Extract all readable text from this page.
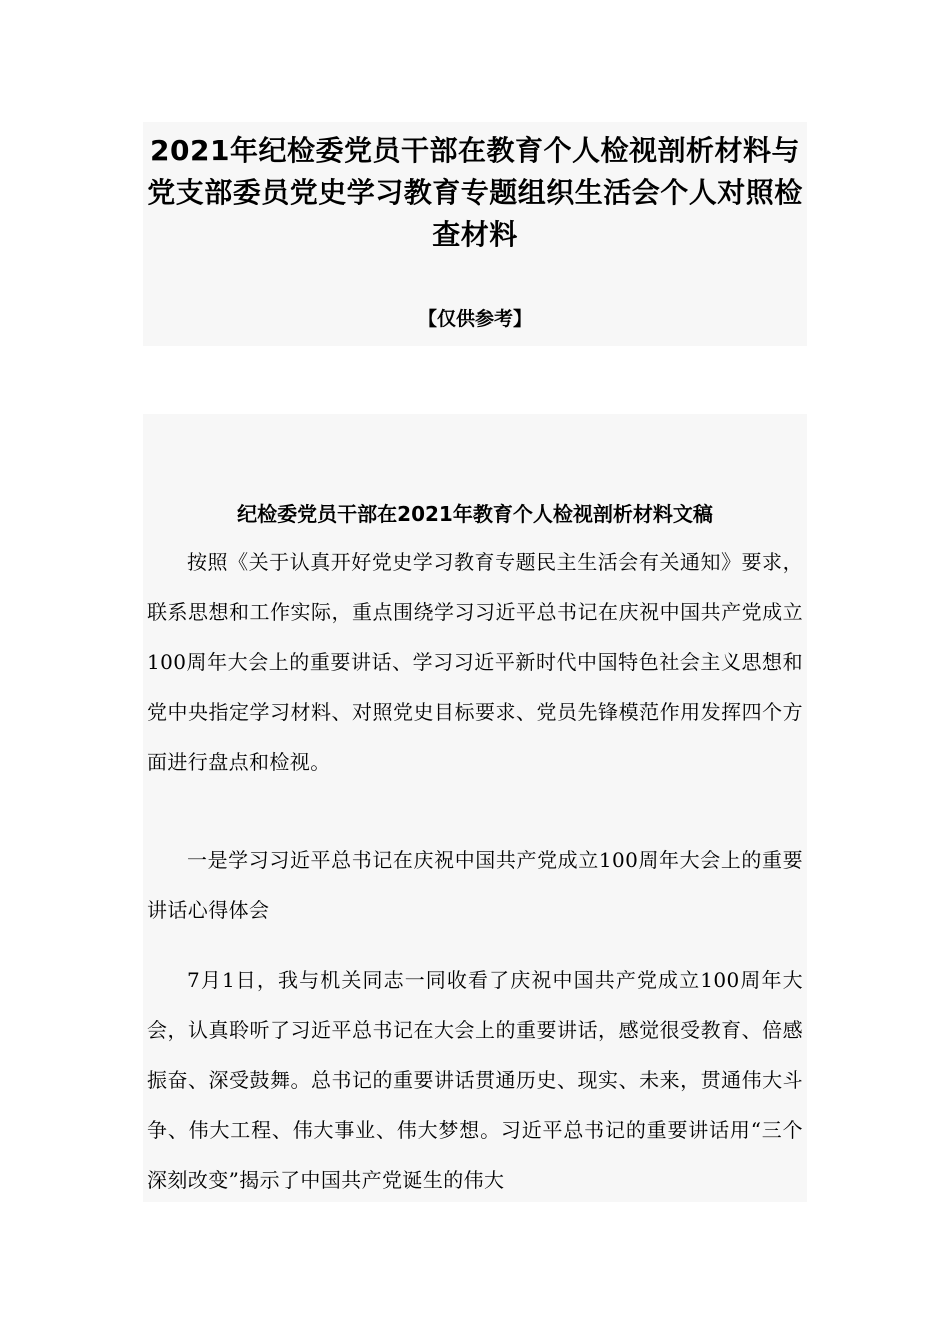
2021年纪检委党员干部在教育个人检视剖析材料与党支部委员党史学习教育专题组织生活会个人对照检查材料
【仅供参考】
纪检委党员干部在2021年教育个人检视剖析材料文稿

按照《关于认真开好党史学习教育专题民主生活会有关通知》要求，联系思想和工作实际，重点围绕学习习近平总书记在庆祝中国共产党成立100周年大会上的重要讲话、学习习近平新时代中国特色社会主义思想和党中央指定学习材料、对照党史目标要求、党员先锋模范作用发挥四个方面进行盘点和检视。

一是学习习近平总书记在庆祝中国共产党成立100周年大会上的重要讲话心得体会

7月1日，我与机关同志一同收看了庆祝中国共产党成立100周年大会，认真聆听了习近平总书记在大会上的重要讲话，感觉很受教育、倍感振奋、深受鼓舞。总书记的重要讲话贯通历史、现实、未来，贯通伟大斗争、伟大工程、伟大事业、伟大梦想。习近平总书记的重要讲话用“三个深刻改变”揭示了中国共产党诞生的伟大
